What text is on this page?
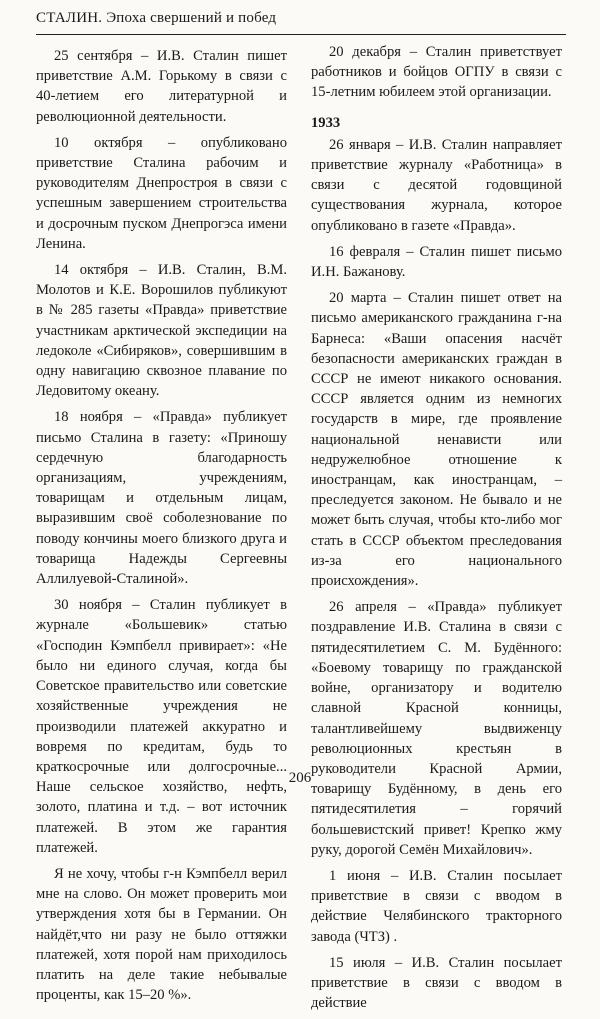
СТАЛИН. Эпоха свершений и побед

25 сентября – И.В. Сталин пишет приветствие А.М. Горькому в связи с 40-летием его литературной и революционной деятельности.

10 октября – опубликовано приветствие Сталина рабочим и руководителям Днепростроя в связи с успешным завершением строительства и досрочным пуском Днепрогэса имени Ленина.

14 октября – И.В. Сталин, В.М. Молотов и К.Е. Ворошилов публикуют в № 285 газеты «Правда» приветствие участникам арктической экспедиции на ледоколе «Сибиряков», совершившим в одну навигацию сквозное плавание по Ледовитому океану.

18 ноября – «Правда» публикует письмо Сталина в газету: «Приношу сердечную благодарность организациям, учреждениям, товарищам и отдельным лицам, выразившим своё соболезнование по поводу кончины моего близкого друга и товарища Надежды Сергеевны Аллилуевой-Сталиной».

30 ноября – Сталин публикует в журнале «Большевик» статью «Господин Кэмпбелл привирает»: «Не было ни единого случая, когда бы Советское правительство или советские хозяйственные учреждения не производили платежей аккуратно и вовремя по кредитам, будь то краткосрочные или долгосрочные... Наше сельское хозяйство, нефть, золото, платина и т.д. – вот источник платежей. В этом же гарантия платежей.

Я не хочу, чтобы г-н Кэмпбелл верил мне на слово. Он может проверить мои утверждения хотя бы в Германии. Он найдёт,что ни разу не было оттяжки платежей, хотя порой нам приходилось платить на деле такие небывалые проценты, как 15–20 %».

20 декабря – Сталин приветствует работников и бойцов ОГПУ в связи с 15-летним юбилеем этой организации.

1933

26 января – И.В. Сталин направляет приветствие журналу «Работница» в связи с десятой годовщиной существования журнала, которое опубликовано в газете «Правда».

16 февраля – Сталин пишет письмо И.Н. Бажанову.

20 марта – Сталин пишет ответ на письмо американского гражданина г-на Барнеса: «Ваши опасения насчёт безопасности американских граждан в СССР не имеют никакого основания. СССР является одним из немногих государств в мире, где проявление национальной ненависти или недружелюбное отношение к иностранцам, как иностранцам, – преследуется законом. Не бывало и не может быть случая, чтобы кто-либо мог стать в СССР объектом преследования из-за его национального происхождения».

26 апреля – «Правда» публикует поздравление И.В. Сталина в связи с пятидесятилетием С. М. Будённого: «Боевому товарищу по гражданской войне, организатору и водителю славной Красной конницы, талантливейшему выдвиженцу революционных крестьян в руководители Красной Армии, товарищу Будённому, в день его пятидесятилетия – горячий большевистский привет! Крепко жму руку, дорогой Семён Михайлович».

1 июня – И.В. Сталин посылает приветствие в связи с вводом в действие Челябинского тракторного завода (ЧТЗ) .

15 июля – И.В. Сталин посылает приветствие в связи с вводом в действие

206
